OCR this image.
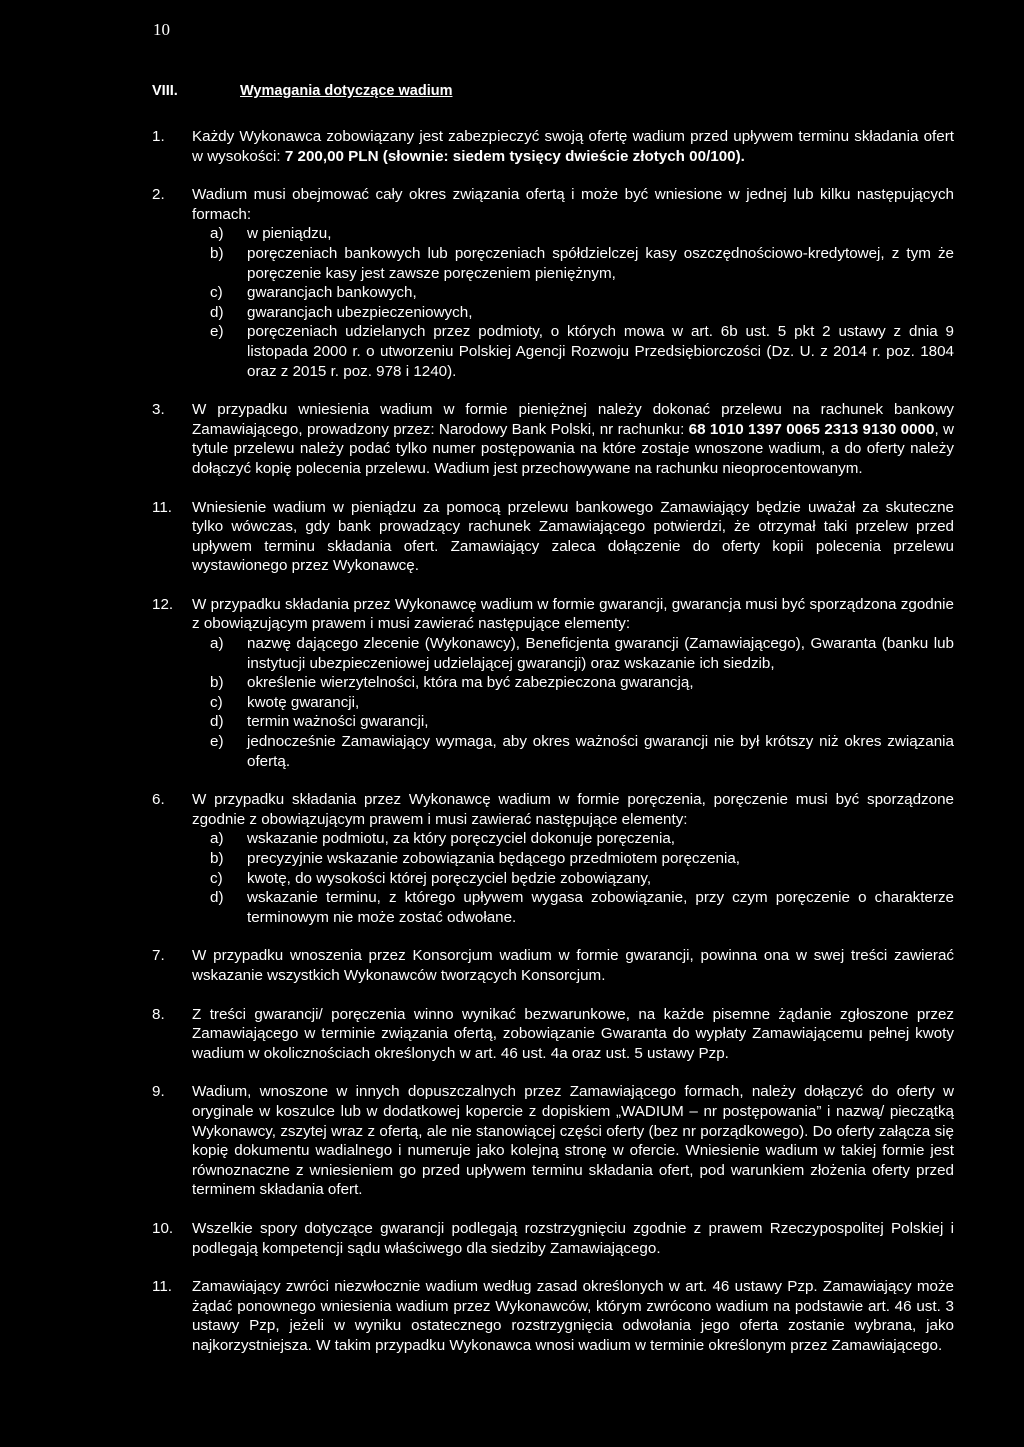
10
VIII.	Wymagania dotyczące wadium
1. Każdy Wykonawca zobowiązany jest zabezpieczyć swoją ofertę wadium przed upływem terminu składania ofert w wysokości: 7 200,00 PLN (słownie: siedem tysięcy dwieście złotych 00/100).

2. Wadium musi obejmować cały okres związania ofertą i może być wniesione w jednej lub kilku następujących formach:

a) w pieniądzu,

b) poręczeniach bankowych lub poręczeniach spółdzielczej kasy oszczędnościowo-kredytowej, z tym że poręczenie kasy jest zawsze poręczeniem pieniężnym,

c) gwarancjach bankowych,

d) gwarancjach ubezpieczeniowych,

e) poręczeniach udzielanych przez podmioty, o których mowa w art. 6b ust. 5 pkt 2 ustawy z dnia 9 listopada 2000 r. o utworzeniu Polskiej Agencji Rozwoju Przedsiębiorczości (Dz. U. z 2014 r. poz. 1804 oraz z 2015 r. poz. 978 i 1240).

3. W przypadku wniesienia wadium w formie pieniężnej należy dokonać przelewu na rachunek bankowy Zamawiającego, prowadzony przez: Narodowy Bank Polski, nr rachunku: 68 1010 1397 0065 2313 9130 0000, w tytule przelewu należy podać tylko numer postępowania na które zostaje wnoszone wadium, a do oferty należy dołączyć kopię polecenia przelewu. Wadium jest przechowywane na rachunku nieoprocentowanym.

11. Wniesienie wadium w pieniądzu za pomocą przelewu bankowego Zamawiający będzie uważał za skuteczne tylko wówczas, gdy bank prowadzący rachunek Zamawiającego potwierdzi, że otrzymał taki przelew przed upływem terminu składania ofert. Zamawiający zaleca dołączenie do oferty kopii polecenia przelewu wystawionego przez Wykonawcę.

12. W przypadku składania przez Wykonawcę wadium w formie gwarancji, gwarancja musi być sporządzona zgodnie z obowiązującym prawem i musi zawierać następujące elementy:

a) nazwę dającego zlecenie (Wykonawcy), Beneficjenta gwarancji (Zamawiającego), Gwaranta (banku lub instytucji ubezpieczeniowej udzielającej gwarancji) oraz wskazanie ich siedzib,

b) określenie wierzytelności, która ma być zabezpieczona gwarancją,

c) kwotę gwarancji,

d) termin ważności gwarancji,

e) jednocześnie Zamawiający wymaga, aby okres ważności gwarancji nie był krótszy niż okres związania ofertą.

6. W przypadku składania przez Wykonawcę wadium w formie poręczenia, poręczenie musi być sporządzone zgodnie z obowiązującym prawem i musi zawierać następujące elementy:

a) wskazanie podmiotu, za który poręczyciel dokonuje poręczenia,

b) precyzyjnie wskazanie zobowiązania będącego przedmiotem poręczenia,

c) kwotę, do wysokości której poręczyciel będzie zobowiązany,

d) wskazanie terminu, z którego upływem wygasa zobowiązanie, przy czym poręczenie o charakterze terminowym nie może zostać odwołane.

7. W przypadku wnoszenia przez Konsorcjum wadium w formie gwarancji, powinna ona w swej treści zawierać wskazanie wszystkich Wykonawców tworzących Konsorcjum.

8. Z treści gwarancji/ poręczenia winno wynikać bezwarunkowe, na każde pisemne żądanie zgłoszone przez Zamawiającego w terminie związania ofertą, zobowiązanie Gwaranta do wypłaty Zamawiającemu pełnej kwoty wadium w okolicznościach określonych w art. 46 ust. 4a oraz ust. 5 ustawy Pzp.

9. Wadium, wnoszone w innych dopuszczalnych przez Zamawiającego formach, należy dołączyć do oferty w oryginale w koszulce lub w dodatkowej kopercie z dopiskiem „WADIUM – nr postępowania” i nazwą/ pieczątką Wykonawcy, zszytej wraz z ofertą, ale nie stanowiącej części oferty (bez nr porządkowego). Do oferty załącza się kopię dokumentu wadialnego i numeruje jako kolejną stronę w ofercie. Wniesienie wadium w takiej formie jest równoznaczne z wniesieniem go przed upływem terminu składania ofert, pod warunkiem złożenia oferty przed terminem składania ofert.

10. Wszelkie spory dotyczące gwarancji podlegają rozstrzygnięciu zgodnie z prawem Rzeczypospolitej Polskiej i podlegają kompetencji sądu właściwego dla siedziby Zamawiającego.

11. Zamawiający zwróci niezwłocznie wadium według zasad określonych w art. 46 ustawy Pzp. Zamawiający może żądać ponownego wniesienia wadium przez Wykonawców, którym zwrócono wadium na podstawie art. 46 ust. 3 ustawy Pzp, jeżeli w wyniku ostatecznego rozstrzygnięcia odwołania jego oferta zostanie wybrana, jako najkorzystniejsza. W takim przypadku Wykonawca wnosi wadium w terminie określonym przez Zamawiającego.
